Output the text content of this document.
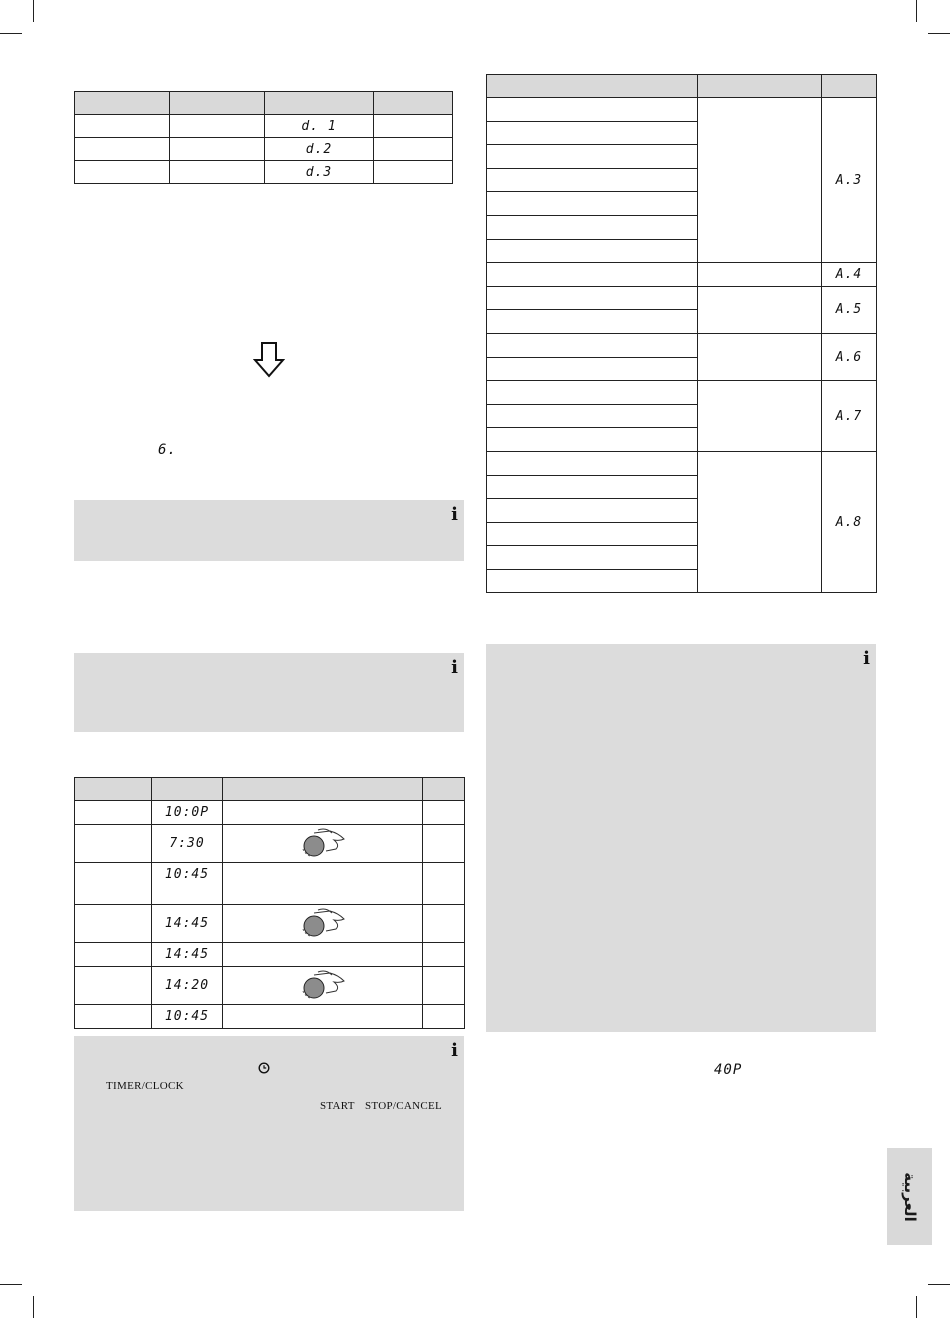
		d. 1	
		d.2	
		d.3	
6.
i
i

	10:0P		
	7:30		
	10:45		
	14:45		
	14:45		
	14:20		
	10:45		
i
TIMER/CLOCK
START STOP/CANCEL

		A.3

		A.4
		A.5

		A.6

		A.7

		A.8

i
40P
العربية
